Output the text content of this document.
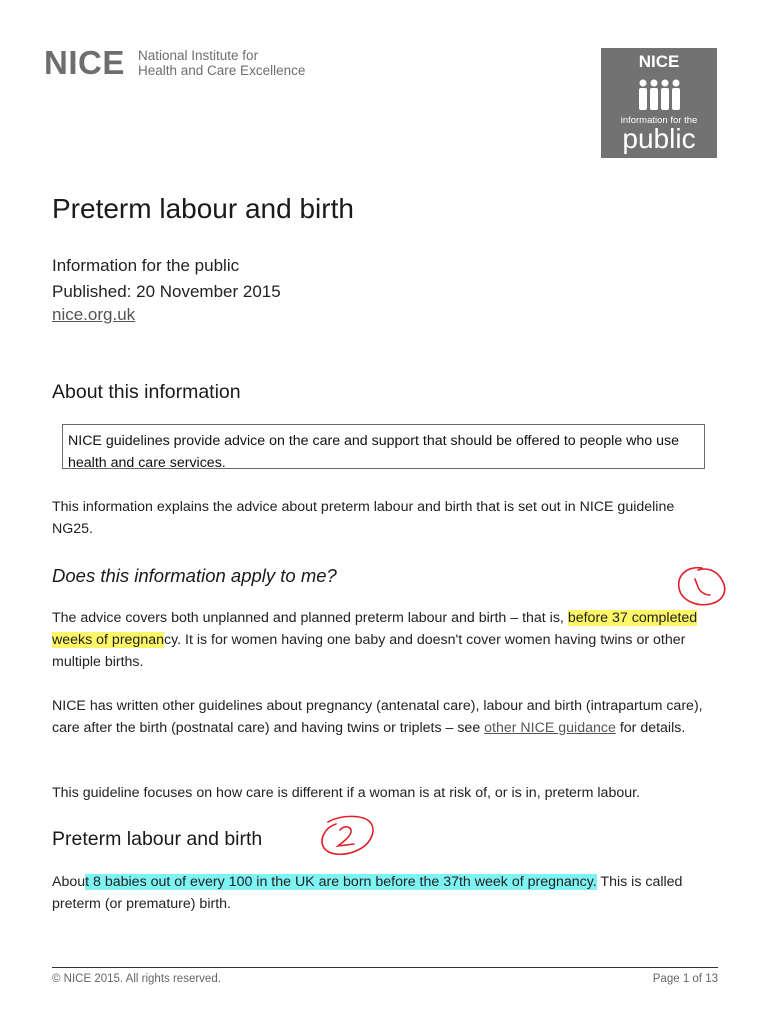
NICE National Institute for
Health and Care Excellence	NICE
information for the
public
Preterm labour and birth
Information for the public
Published: 20 November 2015
nice.org.uk
About this information
NICE guidelines provide advice on the care and support that should be offered to people who use health and care services.

This information explains the advice about preterm labour and birth that is set out in NICE guideline NG25.

Does this information apply to me?

The advice covers both unplanned and planned preterm labour and birth – that is, before 37 completed weeks of pregnancy. It is for women having one baby and doesn't cover women having twins or other multiple births.

NICE has written other guidelines about pregnancy (antenatal care), labour and birth (intrapartum care), care after the birth (postnatal care) and having twins or triplets – see other NICE guidance for details.

This guideline focuses on how care is different if a woman is at risk of, or is in, preterm labour.

Preterm labour and birth

About 8 babies out of every 100 in the UK are born before the 37th week of pregnancy. This is called preterm (or premature) birth.

© NICE 2015. All rights reserved.	Page 1 of 13
